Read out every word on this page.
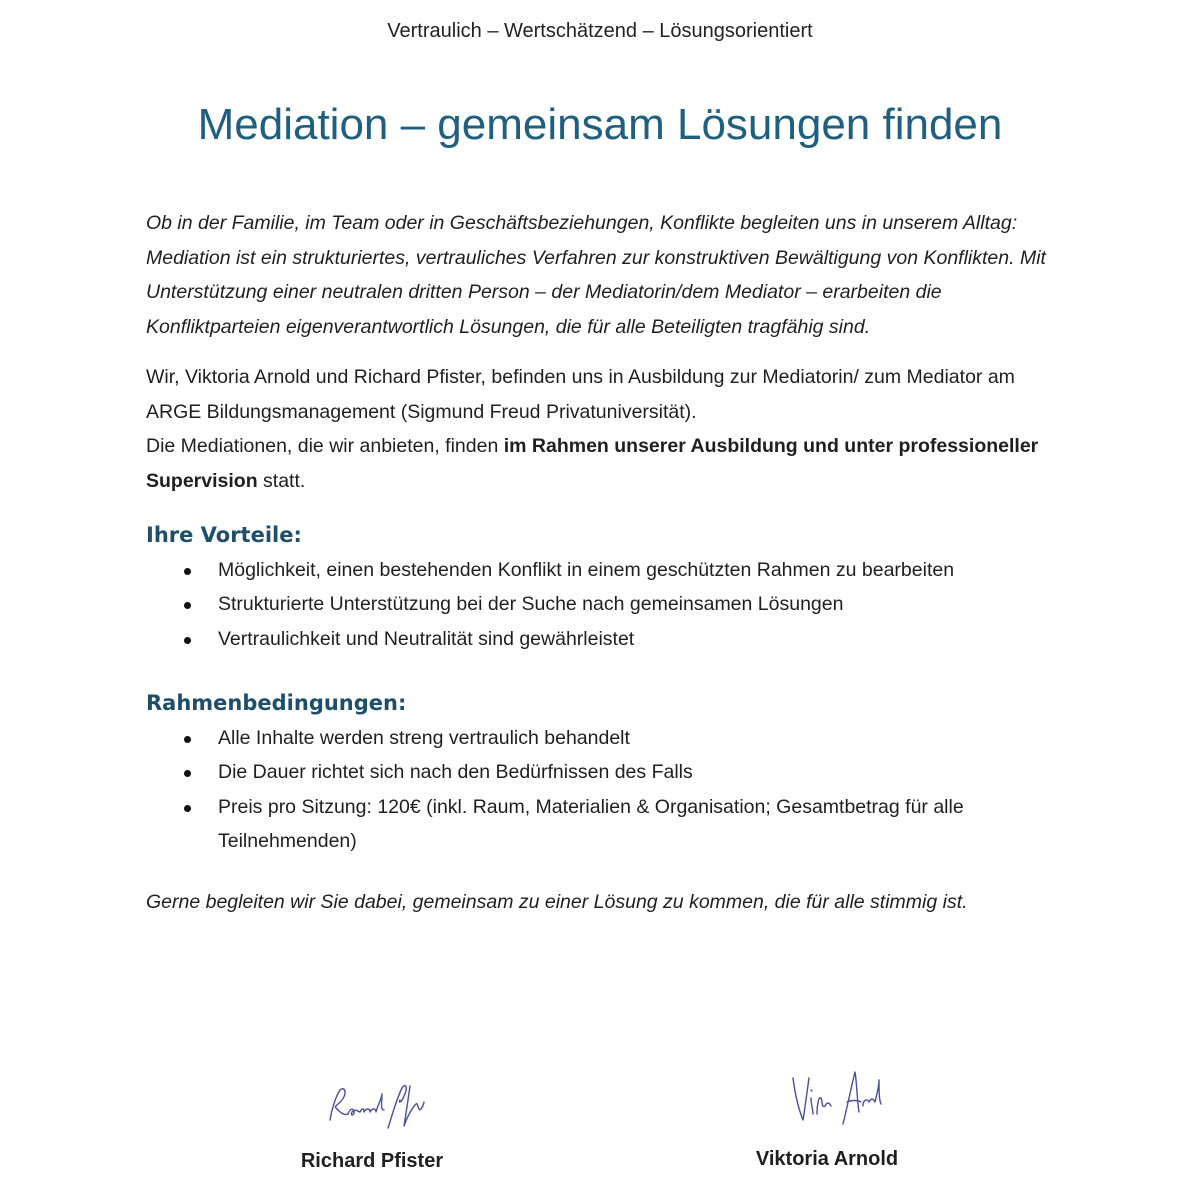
Vertraulich – Wertschätzend – Lösungsorientiert
Mediation – gemeinsam Lösungen finden

Ob in der Familie, im Team oder in Geschäftsbeziehungen, Konflikte begleiten uns in unserem Alltag: Mediation ist ein strukturiertes, vertrauliches Verfahren zur konstruktiven Bewältigung von Konflikten. Mit Unterstützung einer neutralen dritten Person – der Mediatorin/dem Mediator – erarbeiten die Konfliktparteien eigenverantwortlich Lösungen, die für alle Beteiligten tragfähig sind.

Wir, Viktoria Arnold und Richard Pfister, befinden uns in Ausbildung zur Mediatorin/ zum Mediator am ARGE Bildungsmanagement (Sigmund Freud Privatuniversität).
Die Mediationen, die wir anbieten, finden im Rahmen unserer Ausbildung und unter professioneller Supervision statt.

Ihre Vorteile:
Möglichkeit, einen bestehenden Konflikt in einem geschützten Rahmen zu bearbeiten
Strukturierte Unterstützung bei der Suche nach gemeinsamen Lösungen
Vertraulichkeit und Neutralität sind gewährleistet
Rahmenbedingungen:
Alle Inhalte werden streng vertraulich behandelt
Die Dauer richtet sich nach den Bedürfnissen des Falls
Preis pro Sitzung: 120€ (inkl. Raum, Materialien & Organisation; Gesamtbetrag für alle Teilnehmenden)

Gerne begleiten wir Sie dabei, gemeinsam zu einer Lösung zu kommen, die für alle stimmig ist.

Richard Pfister	Viktoria Arnold
